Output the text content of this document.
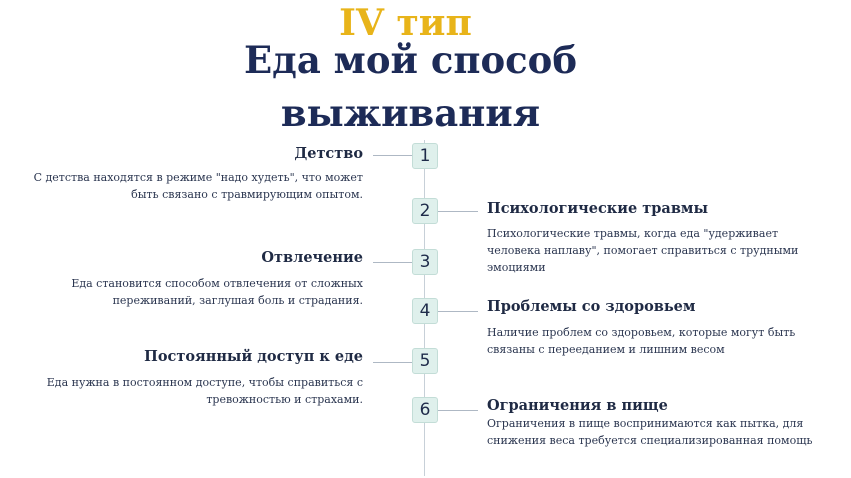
IV тип
Еда мой способ
выживания
1
Детство
С детства находятся в режиме "надо худеть", что может быть связано с травмирующим опытом.
2	Психологические травмы
Психологические травмы, когда еда "удерживает человека наплаву", помогает справиться с трудными эмоциями
3
Отвлечение
Еда становится способом отвлечения от сложных переживаний, заглушая боль и страдания.
4	Проблемы со здоровьем
Наличие проблем со здоровьем, которые могут быть связаны с перееданием и лишним весом
5
Постоянный доступ к еде
Еда нужна в постоянном доступе, чтобы справиться с тревожностью и страхами.
6	Ограничения в пище
Ограничения в пище воспринимаются как пытка, для снижения веса требуется специализированная помощь
